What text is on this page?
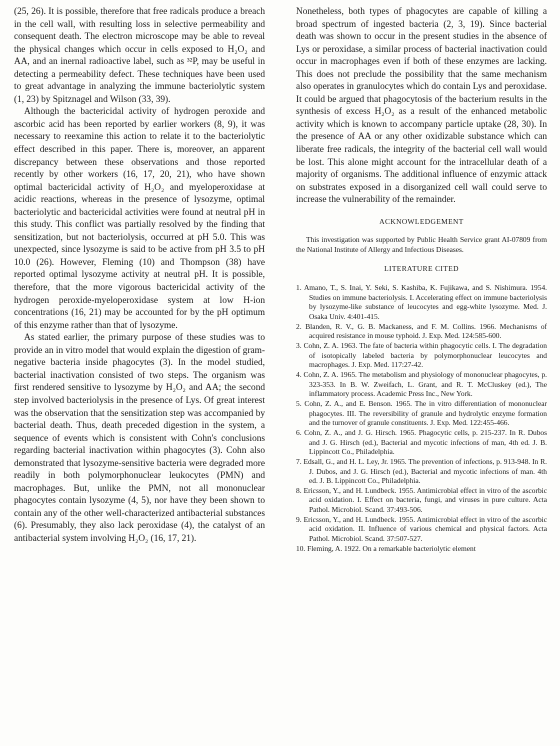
(25, 26). It is possible, therefore that free radicals produce a breach in the cell wall, with resulting loss in selective permeability and consequent death. The electron microscope may be able to reveal the physical changes which occur in cells exposed to H₂O₂ and AA, and an inernal radioactive label, such as ³²P, may be useful in detecting a permeability defect. These techniques have been used to great advantage in analyzing the immune bacteriolytic system (1, 23) by Spitznagel and Wilson (33, 39).

Although the bactericidal activity of hydrogen peroxide and ascorbic acid has been reported by earlier workers (8, 9), it was necessary to reexamine this action to relate it to the bacteriolytic effect described in this paper. There is, moreover, an apparent discrepancy between these observations and those reported recently by other workers (16, 17, 20, 21), who have shown optimal bactericidal activity of H₂O₂ and myeloperoxidase at acidic reactions, whereas in the presence of lysozyme, optimal bacteriolytic and bactericidal activities were found at neutral pH in this study. This conflict was partially resolved by the finding that sensitization, but not bacteriolysis, occurred at pH 5.0. This was unexpected, since lysozyme is said to be active from pH 3.5 to pH 10.0 (26). However, Fleming (10) and Thompson (38) have reported optimal lysozyme activity at neutral pH. It is possible, therefore, that the more vigorous bactericidal activity of the hydrogen peroxide-myeloperoxidase system at low H-ion concentrations (16, 21) may be accounted for by the pH optimum of this enzyme rather than that of lysozyme.

As stated earlier, the primary purpose of these studies was to provide an in vitro model that would explain the digestion of gram-negative bacteria inside phagocytes (3). In the model studied, bacterial inactivation consisted of two steps. The organism was first rendered sensitive to lysozyme by H₂O₂ and AA; the second step involved bacteriolysis in the presence of Lys. Of great interest was the observation that the sensitization step was accompanied by bacterial death. Thus, death preceded digestion in the system, a sequence of events which is consistent with Cohn's conclusions regarding bacterial inactivation within phagocytes (3). Cohn also demonstrated that lysozyme-sensitive bacteria were degraded more readily in both polymorphonuclear leukocytes (PMN) and macrophages. But, unlike the PMN, not all mononuclear phagocytes contain lysozyme (4, 5), nor have they been shown to contain any of the other well-characterized antibacterial substances (6). Presumably, they also lack peroxidase (4), the catalyst of an antibacterial system involving H₂O₂ (16, 17, 21).

Nonetheless, both types of phagocytes are capable of killing a broad spectrum of ingested bacteria (2, 3, 19). Since bacterial death was shown to occur in the present studies in the absence of Lys or peroxidase, a similar process of bacterial inactivation could occur in macrophages even if both of these enzymes are lacking. This does not preclude the possibility that the same mechanism also operates in granulocytes which do contain Lys and peroxidase. It could be argued that phagocytosis of the bacterium results in the synthesis of excess H₂O₂ as a result of the enhanced metabolic activity which is known to accompany particle uptake (28, 30). In the presence of AA or any other oxidizable substance which can liberate free radicals, the integrity of the bacterial cell wall would be lost. This alone might account for the intracellular death of a majority of organisms. The additional influence of enzymic attack on substrates exposed in a disorganized cell wall could serve to increase the vulnerability of the remainder.

ACKNOWLEDGEMENT

This investigation was supported by Public Health Service grant AI-07809 from the National Institute of Allergy and Infectious Diseases.

LITERATURE CITED
1. Amano, T., S. Inai, Y. Seki, S. Kashiba, K. Fujikawa, and S. Nishimura. 1954. Studies on immune bacteriolysis. I. Accelerating effect on immune bacteriolysis by lysozyme-like substance of leucocytes and egg-white lysozyme. Med. J. Osaka Univ. 4:401-415.
2. Blanden, R. V., G. B. Mackaness, and F. M. Collins. 1966. Mechanisms of acquired resistance in mouse typhoid. J. Exp. Med. 124:585-600.
3. Cohn, Z. A. 1963. The fate of bacteria within phagocytic cells. I. The degradation of isotopically labeled bacteria by polymorphonuclear leucocytes and macrophages. J. Exp. Med. 117:27-42.
4. Cohn, Z. A. 1965. The metabolism and physiology of mononuclear phagocytes, p. 323-353. In B. W. Zweifach, L. Grant, and R. T. McCluskey (ed.), The inflammatory process. Academic Press Inc., New York.
5. Cohn, Z. A., and E. Benson. 1965. The in vitro differentiation of mononuclear phagocytes. III. The reversibility of granule and hydrolytic enzyme formation and the turnover of granule constituents. J. Exp. Med. 122:455-466.
6. Cohn, Z. A., and J. G. Hirsch. 1965. Phagocytic cells, p. 215-237. In R. Dubos and J. G. Hirsch (ed.), Bacterial and mycotic infections of man, 4th ed. J. B. Lippincott Co., Philadelphia.
7. Edsall, G., and H. L. Ley, Jr. 1965. The prevention of infections, p. 913-948. In R. J. Dubos, and J. G. Hirsch (ed.), Bacterial and mycotic infections of man. 4th ed. J. B. Lippincott Co., Philadelphia.
8. Ericsson, Y., and H. Lundbeck. 1955. Antimicrobial effect in vitro of the ascorbic acid oxidation. I. Effect on bacteria, fungi, and viruses in pure culture. Acta Pathol. Microbiol. Scand. 37:493-506.
9. Ericsson, Y., and H. Lundbeck. 1955. Antimicrobial effect in vitro of the ascorbic acid oxidation. II. Influence of various chemical and physical factors. Acta Pathol. Microbiol. Scand. 37:507-527.
10. Fleming, A. 1922. On a remarkable bacteriolytic element
